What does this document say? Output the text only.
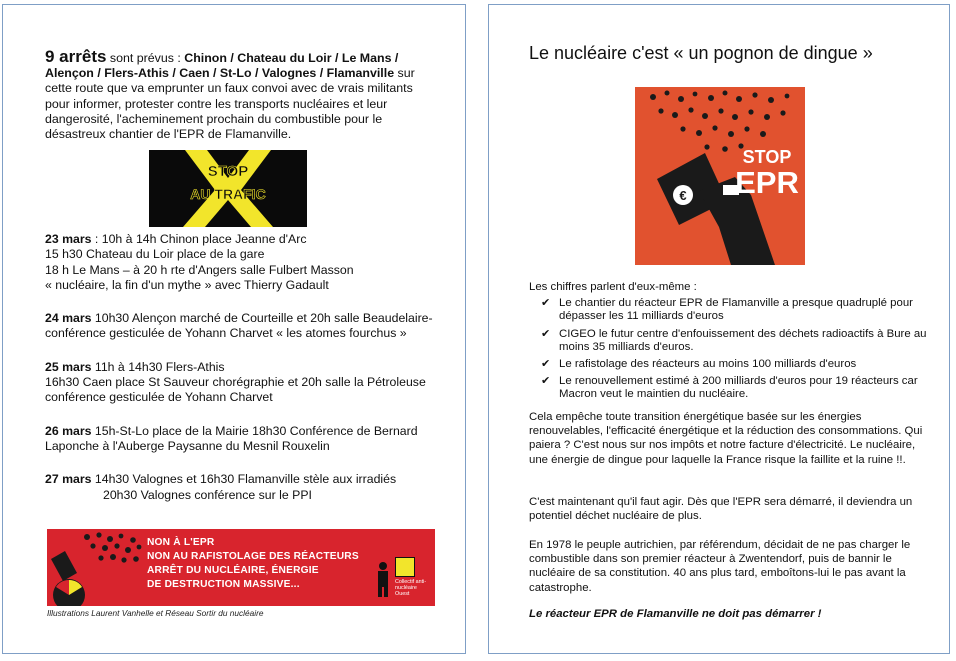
9 arrêts sont prévus : Chinon / Chateau du Loir / Le Mans / Alençon / Flers-Athis / Caen / St-Lo / Valognes / Flamanville sur cette route que va emprunter un faux convoi avec de vrais militants pour informer, protester contre les transports nucléaires et leur dangerosité, l'acheminement prochain du combustible pour le désastreux chantier de l'EPR de Flamanville.
STOP
AU TRAFIC
23 mars : 10h à 14h Chinon place Jeanne d'Arc
15 h30 Chateau du Loir place de la gare
18 h Le Mans – à 20 h rte d'Angers salle Fulbert Masson
« nucléaire, la fin d'un mythe » avec Thierry Gadault
24 mars 10h30 Alençon marché de Courteille et 20h salle Beaudelaire-conférence gesticulée de Yohann Charvet « les atomes fourchus »
25 mars 11h à 14h30 Flers-Athis
16h30 Caen place St Sauveur chorégraphie et 20h salle la Pétroleuse conférence gesticulée de Yohann Charvet
26 mars 15h-St-Lo place de la Mairie 18h30 Conférence de Bernard Laponche à l'Auberge Paysanne du Mesnil Rouxelin
27 mars 14h30 Valognes et 16h30 Flamanville stèle aux irradiés
20h30 Valognes conférence sur le PPI
NON À L'EPR
NON AU RAFISTOLAGE DES RÉACTEURS
ARRÊT DU NUCLÉAIRE, ÉNERGIE
DE DESTRUCTION MASSIVE...	Collectif anti-nucléaire Ouest
Illustrations Laurent Vanhelle et Réseau Sortir du nucléaire
Le nucléaire c'est « un pognon de dingue »
€
STOP
EPR
Les chiffres parlent d'eux-même :
✔ Le chantier du réacteur EPR de Flamanville a presque quadruplé pour dépasser les 11 milliards d'euros
✔ CIGEO le futur centre d'enfouissement des déchets radioactifs à Bure au moins 35 milliards d'euros.
✔ Le rafistolage des réacteurs au moins 100 milliards d'euros
✔ Le renouvellement estimé à 200 milliards d'euros pour 19 réacteurs car Macron veut le maintien du nucléaire.
Cela empêche toute transition énergétique basée sur les énergies renouvelables, l'efficacité énergétique et la réduction des consommations. Qui paiera ? C'est nous sur nos impôts et notre facture d'électricité. Le nucléaire, une énergie de dingue pour laquelle la France risque la faillite et la ruine !!.
C'est maintenant qu'il faut agir. Dès que l'EPR sera démarré, il deviendra un potentiel déchet nucléaire de plus.
En 1978 le peuple autrichien, par référendum, décidait de ne pas charger le combustible dans son premier réacteur à Zwentendorf, puis de bannir le nucléaire de sa constitution. 40 ans plus tard, emboîtons-lui le pas avant la catastrophe.
Le réacteur EPR de Flamanville ne doit pas démarrer !
